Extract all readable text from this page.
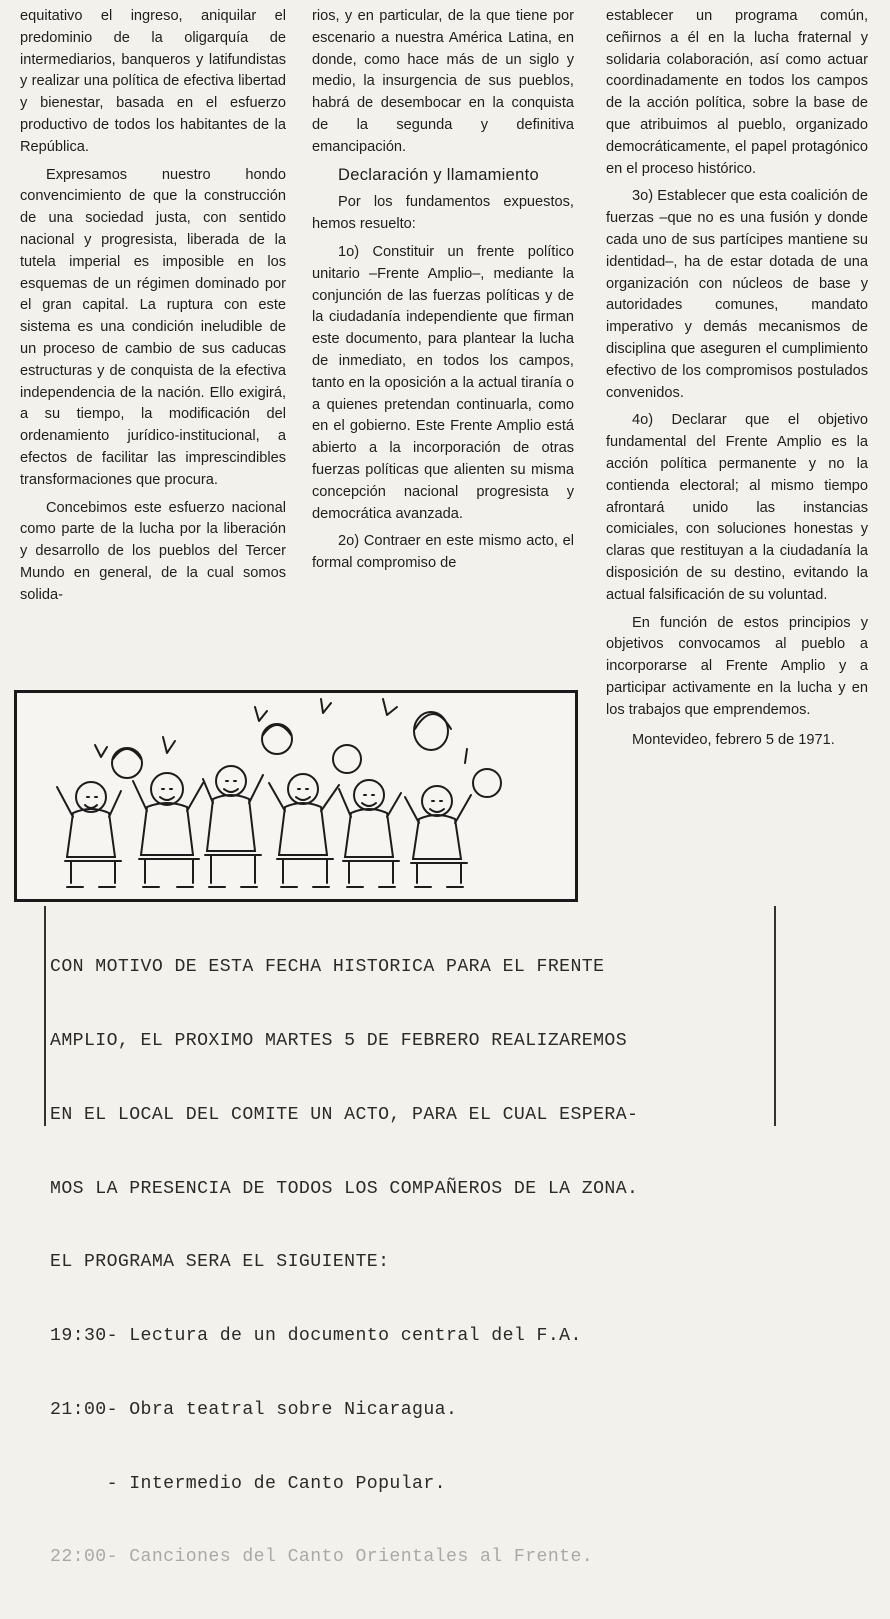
equitativo el ingreso, aniquilar el predominio de la oligarquía de intermediarios, banqueros y latifundistas y realizar una política de efectiva libertad y bienestar, basada en el esfuerzo productivo de todos los habitantes de la República.

Expresamos nuestro hondo convencimiento de que la construcción de una sociedad justa, con sentido nacional y progresista, liberada de la tutela imperial es imposible en los esquemas de un régimen dominado por el gran capital. La ruptura con este sistema es una condición ineludible de un proceso de cambio de sus caducas estructuras y de conquista de la efectiva independencia de la nación. Ello exigirá, a su tiempo, la modificación del ordenamiento jurídico-institucional, a efectos de facilitar las imprescindibles transformaciones que procura.

Concebimos este esfuerzo nacional como parte de la lucha por la liberación y desarrollo de los pueblos del Tercer Mundo en general, de la cual somos solida-

rios, y en particular, de la que tiene por escenario a nuestra América Latina, en donde, como hace más de un siglo y medio, la insurgencia de sus pueblos, habrá de desembocar en la conquista de la segunda y definitiva emancipación.

Declaración y llamamiento

Por los fundamentos expuestos, hemos resuelto:

1o) Constituir un frente político unitario –Frente Amplio–, mediante la conjunción de las fuerzas políticas y de la ciudadanía independiente que firman este documento, para plantear la lucha de inmediato, en todos los campos, tanto en la oposición a la actual tiranía o a quienes pretendan continuarla, como en el gobierno. Este Frente Amplio está abierto a la incorporación de otras fuerzas políticas que alienten su misma concepción nacional progresista y democrática avanzada.

2o) Contraer en este mismo acto, el formal compromiso de

establecer un programa común, ceñirnos a él en la lucha fraternal y solidaria colaboración, así como actuar coordinadamente en todos los campos de la acción política, sobre la base de que atribuimos al pueblo, organizado democráticamente, el papel protagónico en el proceso histórico.

3o) Establecer que esta coalición de fuerzas –que no es una fusión y donde cada uno de sus partícipes mantiene su identidad–, ha de estar dotada de una organización con núcleos de base y autoridades comunes, mandato imperativo y demás mecanismos de disciplina que aseguren el cumplimiento efectivo de los compromisos postulados convenidos.

4o) Declarar que el objetivo fundamental del Frente Amplio es la acción política permanente y no la contienda electoral; al mismo tiempo afrontará unido las instancias comiciales, con soluciones honestas y claras que restituyan a la ciudadanía la disposición de su destino, evitando la actual falsificación de su voluntad.

En función de estos principios y objetivos convocamos al pueblo a incorporarse al Frente Amplio y a participar activamente en la lucha y en los trabajos que emprendemos.

Montevideo, febrero 5 de 1971.

CON MOTIVO DE ESTA FECHA HISTORICA PARA EL FRENTE

AMPLIO, EL PROXIMO MARTES 5 DE FEBRERO REALIZAREMOS

EN EL LOCAL DEL COMITE UN ACTO, PARA EL CUAL ESPERA-

MOS LA PRESENCIA DE TODOS LOS COMPAÑEROS DE LA ZONA.

EL PROGRAMA SERA EL SIGUIENTE:

19:30- Lectura de un documento central del F.A.

21:00- Obra teatral sobre Nicaragua.

- Intermedio de Canto Popular.

22:00- Canciones del Canto Orientales al Frente.
